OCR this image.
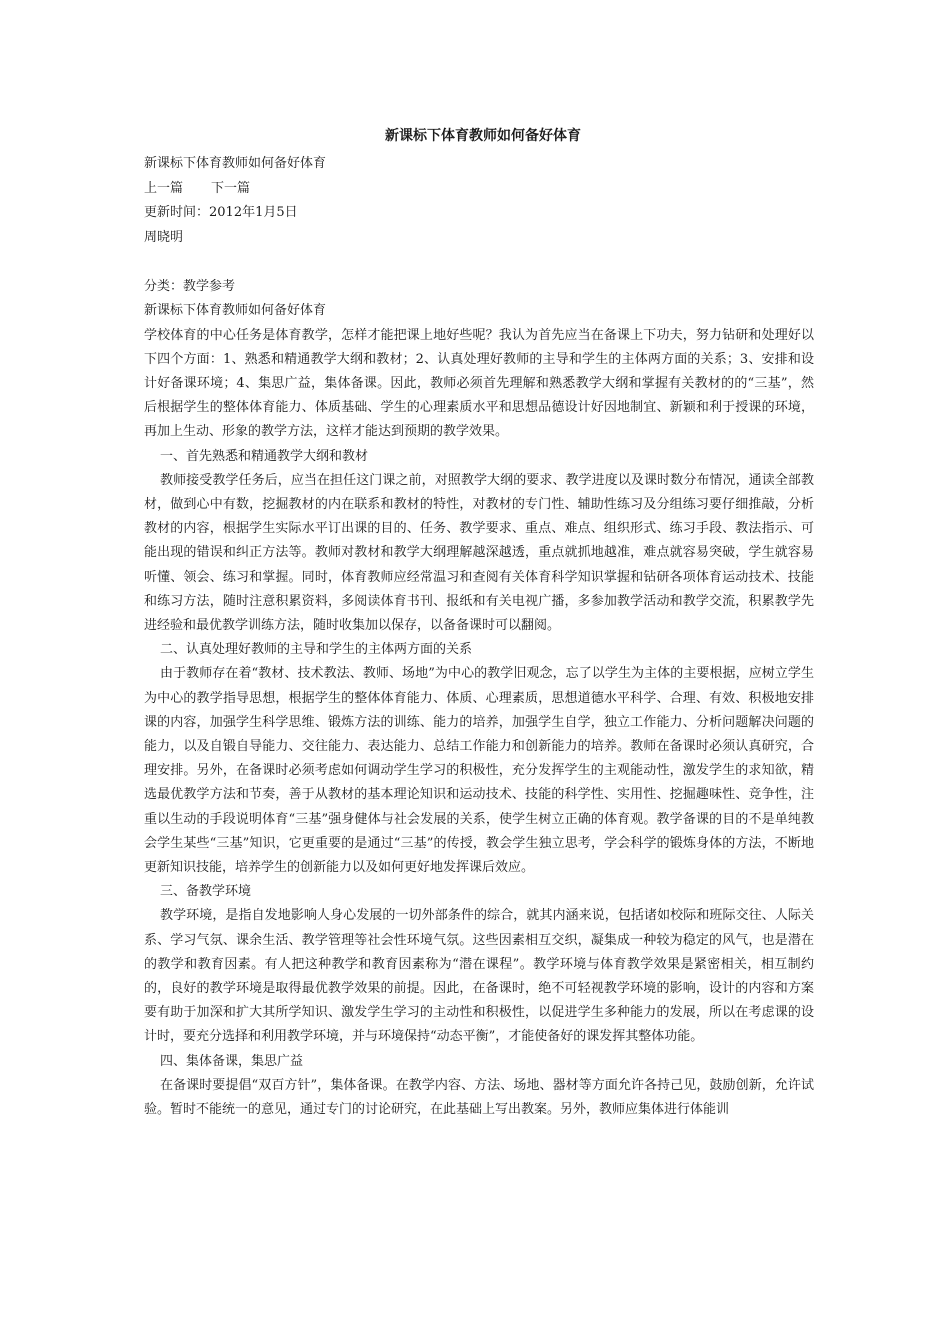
新课标下体育教师如何备好体育

新课标下体育教师如何备好体育

上一篇 下一篇

更新时间：2012年1月5日

周晓明

分类：教学参考

新课标下体育教师如何备好体育

学校体育的中心任务是体育教学，怎样才能把课上地好些呢？我认为首先应当在备课上下功夫，努力钻研和处理好以下四个方面：1、熟悉和精通教学大纲和教材；2、认真处理好教师的主导和学生的主体两方面的关系；3、安排和设计好备课环境；4、集思广益，集体备课。因此，教师必须首先理解和熟悉教学大纲和掌握有关教材的的“三基”，然后根据学生的整体体育能力、体质基础、学生的心理素质水平和思想品德设计好因地制宜、新颖和利于授课的环境，再加上生动、形象的教学方法，这样才能达到预期的教学效果。

一、首先熟悉和精通教学大纲和教材

教师接受教学任务后，应当在担任这门课之前，对照教学大纲的要求、教学进度以及课时数分布情况，通读全部教材，做到心中有数，挖掘教材的内在联系和教材的特性，对教材的专门性、辅助性练习及分组练习要仔细推敲，分析教材的内容，根据学生实际水平订出课的目的、任务、教学要求、重点、难点、组织形式、练习手段、教法指示、可能出现的错误和纠正方法等。教师对教材和教学大纲理解越深越透，重点就抓地越准，难点就容易突破，学生就容易听懂、领会、练习和掌握。同时，体育教师应经常温习和查阅有关体育科学知识掌握和钻研各项体育运动技术、技能和练习方法，随时注意积累资料，多阅读体育书刊、报纸和有关电视广播，多参加教学活动和教学交流，积累教学先进经验和最优教学训练方法，随时收集加以保存，以备备课时可以翻阅。

二、认真处理好教师的主导和学生的主体两方面的关系

由于教师存在着“教材、技术教法、教师、场地”为中心的教学旧观念，忘了以学生为主体的主要根据，应树立学生为中心的教学指导思想，根据学生的整体体育能力、体质、心理素质，思想道德水平科学、合理、有效、积极地安排课的内容，加强学生科学思维、锻炼方法的训练、能力的培养，加强学生自学，独立工作能力、分析问题解决问题的能力，以及自锻自导能力、交往能力、表达能力、总结工作能力和创新能力的培养。教师在备课时必须认真研究，合理安排。另外，在备课时必须考虑如何调动学生学习的积极性，充分发挥学生的主观能动性，激发学生的求知欲，精选最优教学方法和节奏，善于从教材的基本理论知识和运动技术、技能的科学性、实用性、挖掘趣味性、竞争性，注重以生动的手段说明体育“三基”强身健体与社会发展的关系，使学生树立正确的体育观。教学备课的目的不是单纯教会学生某些“三基”知识，它更重要的是通过“三基”的传授，教会学生独立思考，学会科学的锻炼身体的方法，不断地更新知识技能，培养学生的创新能力以及如何更好地发挥课后效应。

三、备教学环境

教学环境，是指自发地影响人身心发展的一切外部条件的综合，就其内涵来说，包括诸如校际和班际交往、人际关系、学习气氛、课余生活、教学管理等社会性环境气氛。这些因素相互交织，凝集成一种较为稳定的风气，也是潜在的教学和教育因素。有人把这种教学和教育因素称为“潜在课程”。教学环境与体育教学效果是紧密相关，相互制约的，良好的教学环境是取得最优教学效果的前提。因此，在备课时，绝不可轻视教学环境的影响，设计的内容和方案要有助于加深和扩大其所学知识、激发学生学习的主动性和积极性，以促进学生多种能力的发展，所以在考虑课的设计时，要充分选择和利用教学环境，并与环境保持“动态平衡”，才能使备好的课发挥其整体功能。

四、集体备课，集思广益

在备课时要提倡“双百方针”，集体备课。在教学内容、方法、场地、器材等方面允许各持己见，鼓励创新，允许试验。暂时不能统一的意见，通过专门的讨论研究，在此基础上写出教案。另外，教师应集体进行体能训
